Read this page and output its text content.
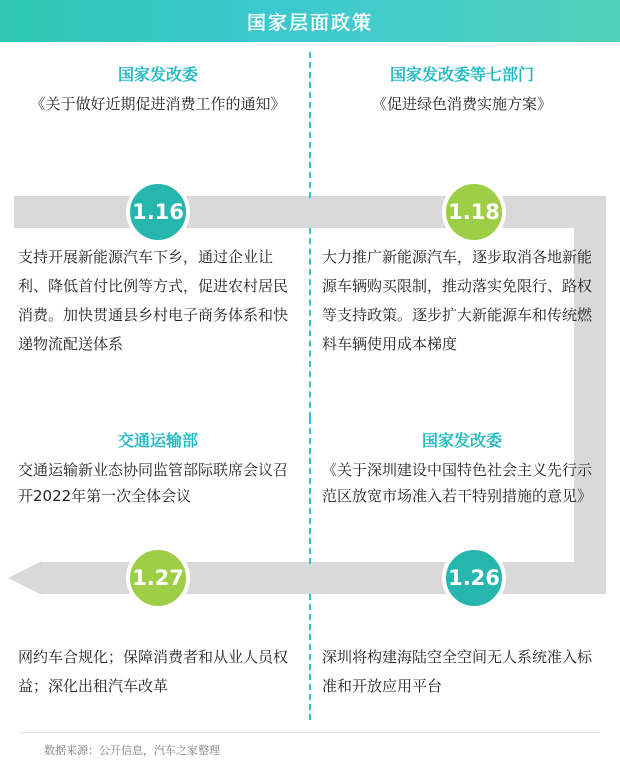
国家层面政策
国家发改委
《关于做好近期促进消费工作的通知》
1.16
支持开展新能源汽车下乡，通过企业让利、降低首付比例等方式，促进农村居民消费。加快贯通县乡村电子商务体系和快递物流配送体系
国家发改委等七部门
《促进绿色消费实施方案》
1.18
大力推广新能源汽车，逐步取消各地新能源车辆购买限制，推动落实免限行、路权等支持政策。逐步扩大新能源车和传统燃料车辆使用成本梯度
交通运输部
交通运输新业态协同监管部际联席会议召开2022年第一次全体会议
1.27
网约车合规化；保障消费者和从业人员权益；深化出租汽车改革
国家发改委
《关于深圳建设中国特色社会主义先行示范区放宽市场准入若干特别措施的意见》
1.26
深圳将构建海陆空全空间无人系统准入标准和开放应用平台
数据来源：公开信息，汽车之家整理
